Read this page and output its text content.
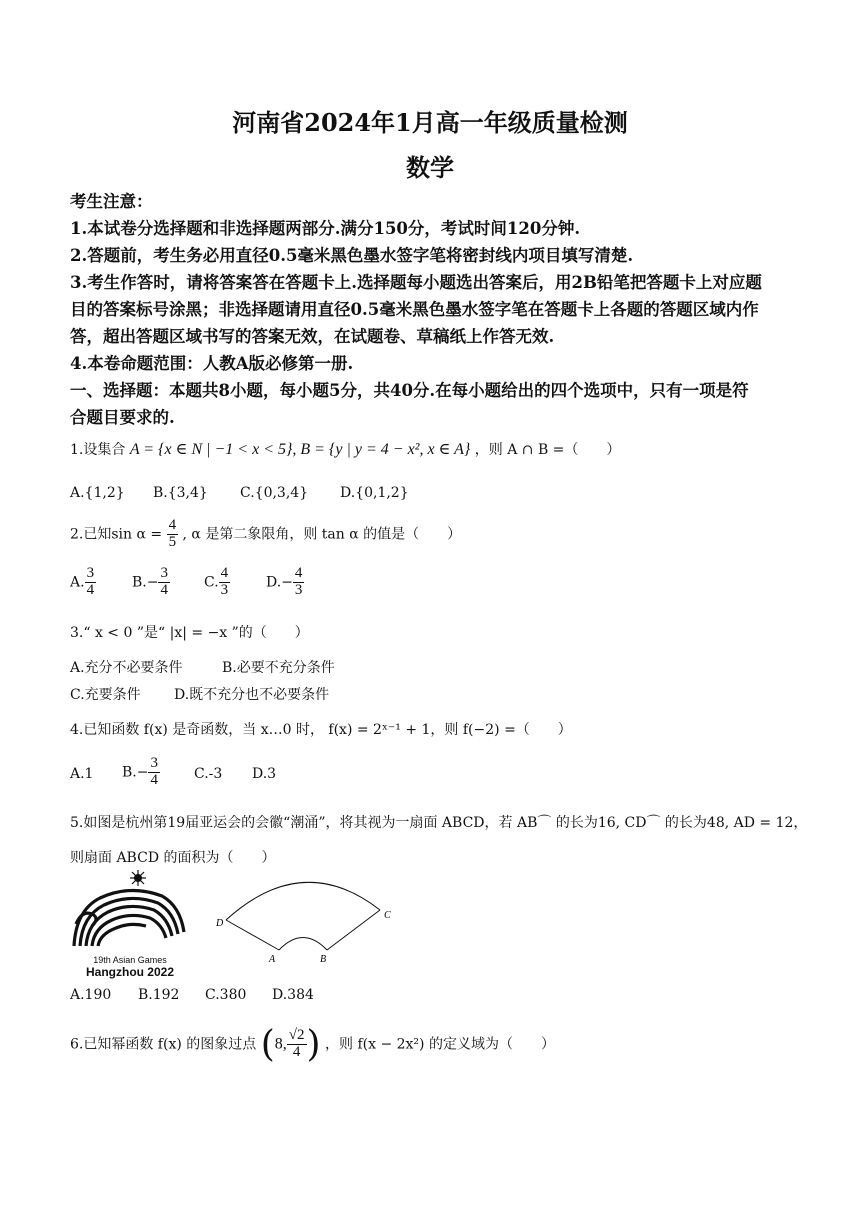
河南省2024年1月高一年级质量检测
数学
考生注意：
1.本试卷分选择题和非选择题两部分.满分150分，考试时间120分钟.
2.答题前，考生务必用直径0.5毫米黑色墨水签字笔将密封线内项目填写清楚.
3.考生作答时，请将答案答在答题卡上.选择题每小题选出答案后，用2B铅笔把答题卡上对应题
目的答案标号涂黑；非选择题请用直径0.5毫米黑色墨水签字笔在答题卡上各题的答题区域内作
答，超出答题区域书写的答案无效，在试题卷、草稿纸上作答无效.
4.本卷命题范围：人教A版必修第一册.
一、选择题：本题共8小题，每小题5分，共40分.在每小题给出的四个选项中，只有一项是符
合题目要求的.
1.设集合 A = {x ∈ N | −1 < x < 5}, B = {y | y = 4 − x², x ∈ A} ，则 A ∩ B =（　　）
A.{1,2} B.{3,4} C.{0,3,4} D.{0,1,2}
2.已知$\sin \alpha = \frac{4}{5}$ , α 是第二象限角，则 tan α 的值是（　　）
A. $\frac{3}{4}$	$B.- \frac{3}{4} C$. $\frac{4}{3}$	$D.- \frac{4}{3}$
3.“ x < 0 ”是“ |x| = −x ”的（　　）
A.充分不必要条件	B.必要不充分条件
C.充要条件 D.既不充分也不必要条件
4.已知函数 f(x) 是奇函数，当 x…0 时， f(x) = 2ˣ⁻¹ + 1，则 f(−2) =（　　）
A.1 $B.- \frac{3}{4} C.-3$ D.3
5.如图是杭州第19届亚运会的会徽“潮涌”，将其视为一扇面 ABCD，若 AB⌒ 的长为16, CD⌒ 的长为48, AD = 12，
则扇面 ABCD 的面积为（　　）
19th Asian Games
Hangzhou 2022
D
C
A	B
A.190 B.192 C.380 D.384
6.已知幂函数 f(x) 的图象过点 (8, $\frac{√2}{4}$ ) ，则 f(x − 2x²) 的定义域为（　　）
